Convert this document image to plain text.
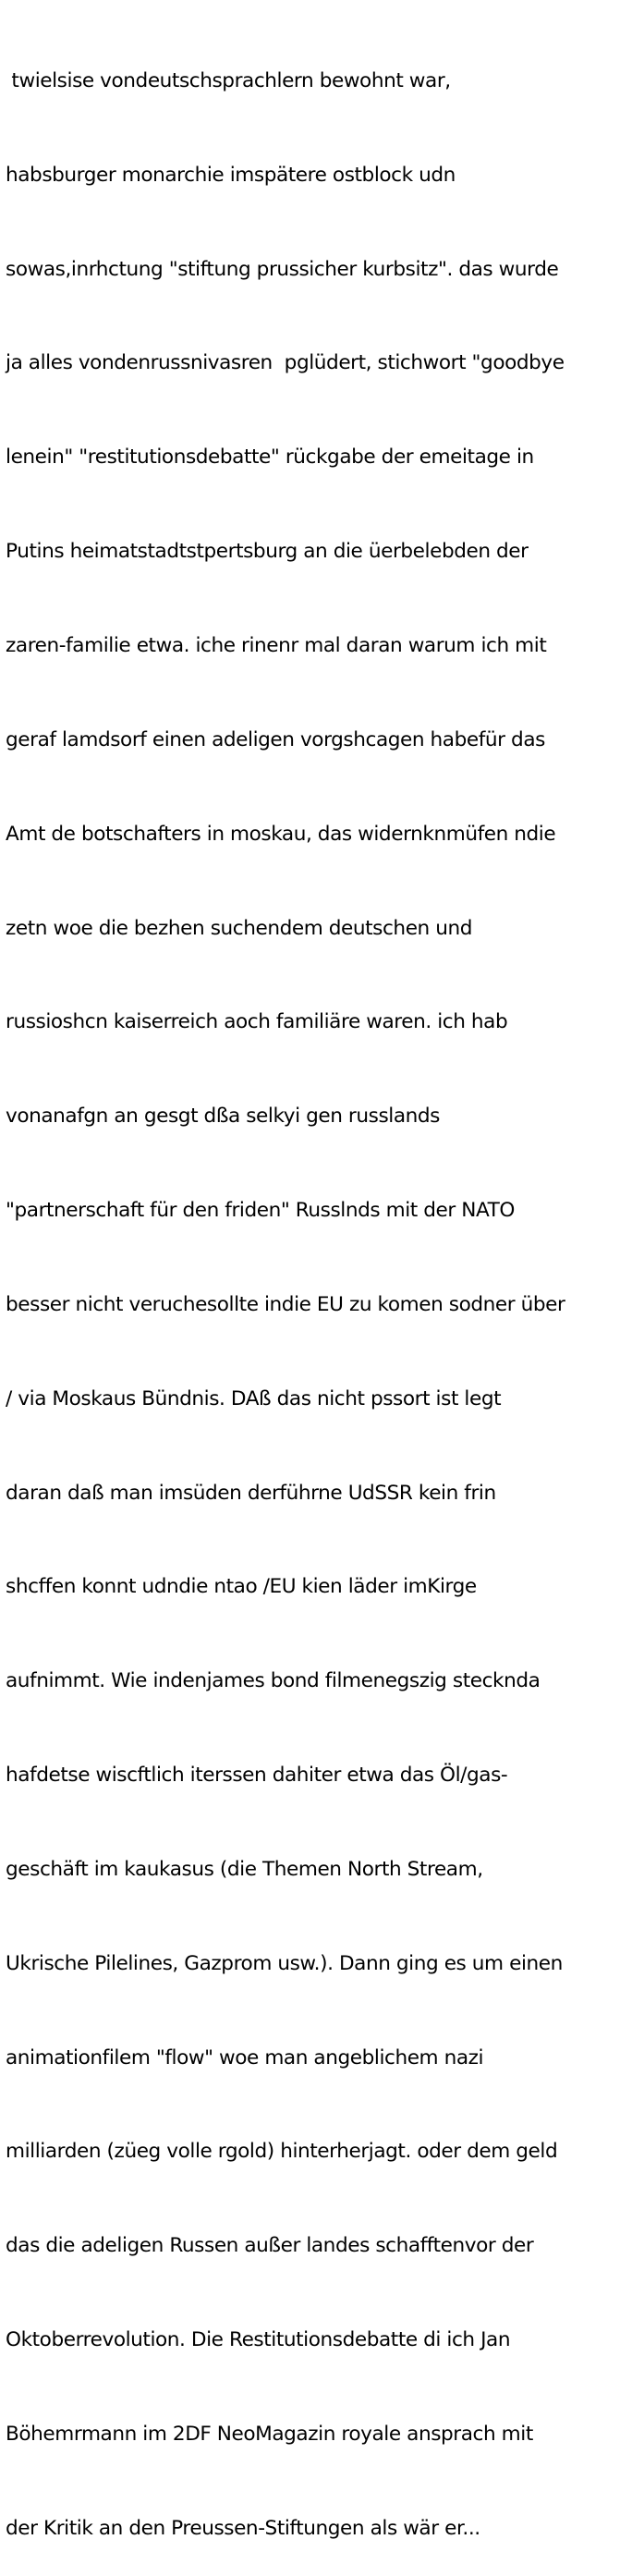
twielsise vondeutschsprachlern bewohnt war,

habsburger monarchie imspätere ostblock udn

sowas,inrhctung "stiftung prussicher kurbsitz". das wurde

ja alles vondenrussnivasren  pglüdert, stichwort "goodbye

lenein" "restitutionsdebatte" rückgabe der emeitage in

Putins heimatstadtstpertsburg an die üerbelebden der

zaren-familie etwa. iche rinenr mal daran warum ich mit

geraf lamdsorf einen adeligen vorgshcagen habefür das

Amt de botschafters in moskau, das widernknmüfen ndie

zetn woe die bezhen suchendem deutschen und

russioshcn kaiserreich aoch familiäre waren. ich hab

vonanafgn an gesgt dßa selkyi gen russlands

"partnerschaft für den friden" Russlnds mit der NATO

besser nicht veruchesollte indie EU zu komen sodner über

/ via Moskaus Bündnis. DAß das nicht pssort ist legt

daran daß man imsüden derführne UdSSR kein frin

shcffen konnt udndie ntao /EU kien läder imKirge

aufnimmt. Wie indenjames bond filmenegszig stecknda

hafdetse wiscftlich iterssen dahiter etwa das Öl/gas-

geschäft im kaukasus (die Themen North Stream,

Ukrische Pilelines, Gazprom usw.). Dann ging es um einen

animationfilem "flow" woe man angeblichem nazi

milliarden (züeg volle rgold) hinterherjagt. oder dem geld

das die adeligen Russen außer landes schafftenvor der

Oktoberrevolution. Die Restitutionsdebatte di ich Jan

Böhemrmann im 2DF NeoMagazin royale ansprach mit

der Kritik an den Preussen-Stiftungen als wär er...
